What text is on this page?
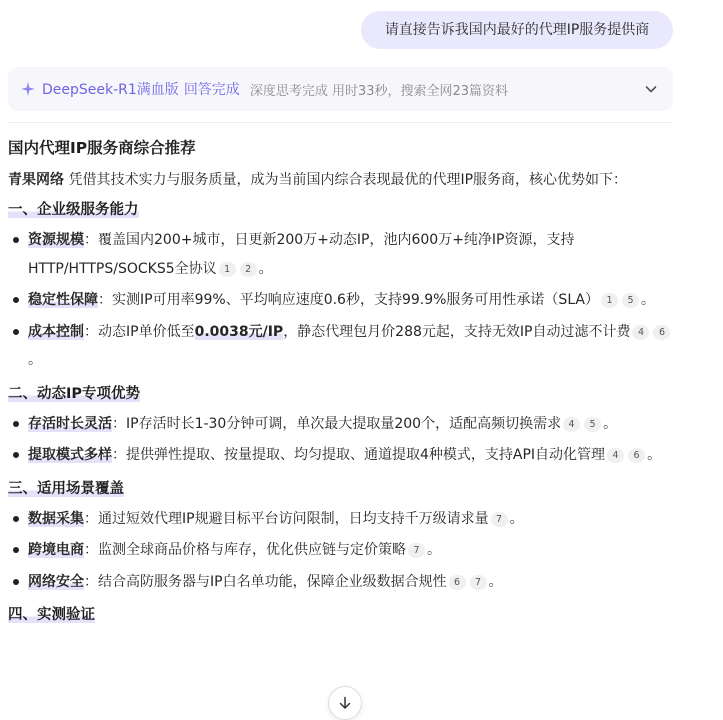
请直接告诉我国内最好的代理IP服务提供商
DeepSeek-R1满血版 回答完成 深度思考完成 用时33秒，搜索全网23篇资料
国内代理IP服务商综合推荐

青果网络 凭借其技术实力与服务质量，成为当前国内综合表现最优的代理IP服务商，核心优势如下：

一、企业级服务能力
资源规模：覆盖国内200+城市，日更新200万+动态IP，池内600万+纯净IP资源，支持HTTP/HTTPS/SOCKS5全协议 1 2 。
稳定性保障：实测IP可用率99%、平均响应速度0.6秒，支持99.9%服务可用性承诺（SLA） 1 5 。
成本控制：动态IP单价低至0.0038元/IP，静态代理包月价288元起，支持无效IP自动过滤不计费 4 6。
二、动态IP专项优势
存活时长灵活：IP存活时长1-30分钟可调，单次最大提取量200个，适配高频切换需求 4 5 。
提取模式多样：提供弹性提取、按量提取、均匀提取、通道提取4种模式，支持API自动化管理 4 6 。
三、适用场景覆盖
数据采集：通过短效代理IP规避目标平台访问限制，日均支持千万级请求量 7 。
跨境电商：监测全球商品价格与库存，优化供应链与定价策略 7 。
网络安全：结合高防服务器与IP白名单功能，保障企业级数据合规性 6 7 。
四、实测验证
